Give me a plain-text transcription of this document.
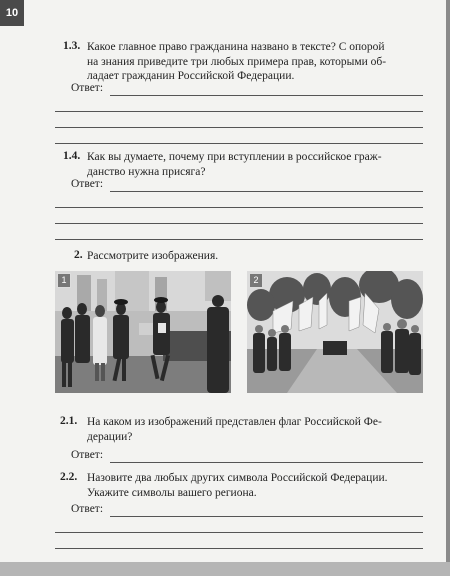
10
1.3. Какое главное право гражданина названо в тексте? С опорой
на знания приведите три любых примера прав, которыми об-
ладает гражданин Российской Федерации.
Ответ:
1.4. Как вы думаете, почему при вступлении в российское граж-
данство нужна присяга?
Ответ:
2. Рассмотрите изображения.
1	2
2.1. На каком из изображений представлен флаг Российской Фе-
дерации?
Ответ:
2.2. Назовите два любых других символа Российской Федерации.
Укажите символы вашего региона.
Ответ:
